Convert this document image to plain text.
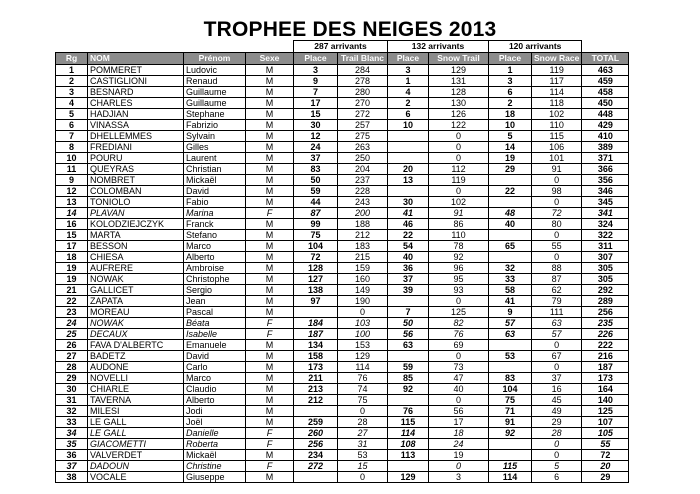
TROPHEE DES NEIGES 2013
				287 arrivants		132 arrivants		120 arrivants		
Rg	NOM	Prénom	Sexe	Place	Trail Blanc	Place	Snow Trail	Place	Snow Race	TOTAL
1	POMMERET	Ludovic	M	3	284	3	129	1	119	463
2	CASTIGLIONI	Renaud	M	9	278	1	131	3	117	459
3	BESNARD	Guillaume	M	7	280	4	128	6	114	458
4	CHARLES	Guillaume	M	17	270	2	130	2	118	450
5	HADJIAN	Stephane	M	15	272	6	126	18	102	448
6	VINASSA	Fabrizio	M	30	257	10	122	10	110	429
7	DHELLEMMES	Sylvain	M	12	275		0	5	115	410
8	FREDIANI	Gilles	M	24	263		0	14	106	389
10	POURU	Laurent	M	37	250		0	19	101	371
11	QUEYRAS	Christian	M	83	204	20	112	29	91	366
9	NOMBRET	Mickaël	M	50	237	13	119		0	356
12	COLOMBAN	David	M	59	228		0	22	98	346
13	TONIOLO	Fabio	M	44	243	30	102		0	345
14	PLAVAN	Marina	F	87	200	41	91	48	72	341
16	KOLODZIEJCZYK	Franck	M	99	188	46	86	40	80	324
15	MARTA	Stefano	M	75	212	22	110		0	322
17	BESSON	Marco	M	104	183	54	78	65	55	311
18	CHIESA	Alberto	M	72	215	40	92		0	307
19	AUFRERE	Ambroise	M	128	159	36	96	32	88	305
19	NOWAK	Christophe	M	127	160	37	95	33	87	305
21	GALLICET	Sergio	M	138	149	39	93	58	62	292
22	ZAPATA	Jean	M	97	190		0	41	79	289
23	MOREAU	Pascal	M		0	7	125	9	111	256
24	NOWAK	Béata	F	184	103	50	82	57	63	235
25	DECAUX	Isabelle	F	187	100	56	76	63	57	226
26	FAVA D'ALBERTC	Emanuele	M	134	153	63	69		0	222
27	BADETZ	David	M	158	129		0	53	67	216
28	AUDONE	Carlo	M	173	114	59	73		0	187
29	NOVELLI	Marco	M	211	76	85	47	83	37	173
30	CHIARLE	Claudio	M	213	74	92	40	104	16	164
31	TAVERNA	Alberto	M	212	75		0	75	45	140
32	MILESI	Jodi	M		0	76	56	71	49	125
33	LE GALL	Joël	M	259	28	115	17	91	29	107
34	LE GALL	Danielle	F	260	27	114	18	92	28	105
35	GIACOMETTI	Roberta	F	256	31	108	24		0	55
36	VALVERDET	Mickaël	M	234	53	113	19		0	72
37	DADOUN	Christine	F	272	15		0	115	5	20
38	VOCALE	Giuseppe	M		0	129	3	114	6	29
